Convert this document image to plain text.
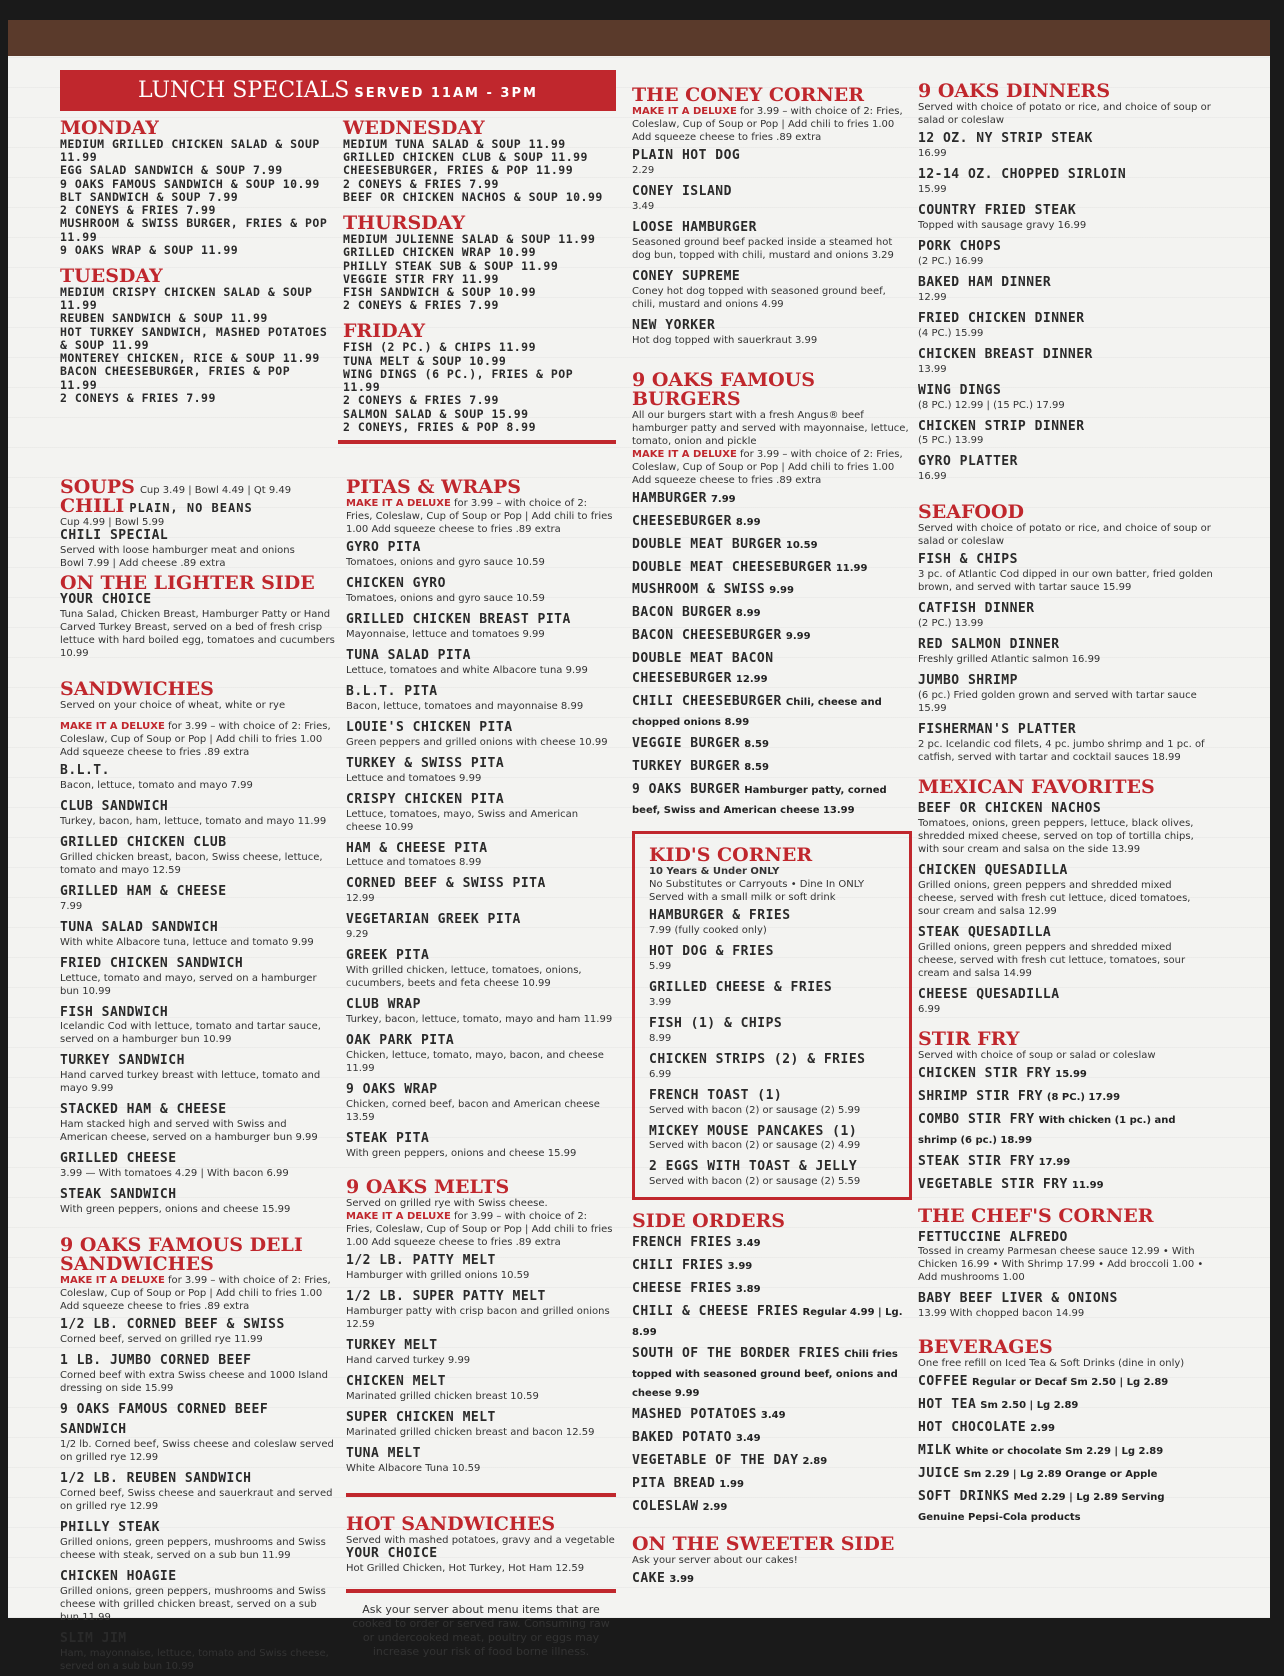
LUNCH SPECIALS SERVED 11AM - 3PM
MONDAY
MEDIUM GRILLED CHICKEN SALAD & SOUP 11.99
EGG SALAD SANDWICH & SOUP 7.99
9 OAKS FAMOUS SANDWICH & SOUP 10.99
BLT SANDWICH & SOUP 7.99
2 CONEYS & FRIES 7.99
MUSHROOM & SWISS BURGER, FRIES & POP 11.99
9 OAKS WRAP & SOUP 11.99
TUESDAY
MEDIUM CRISPY CHICKEN SALAD & SOUP 11.99
REUBEN SANDWICH & SOUP 11.99
HOT TURKEY SANDWICH, MASHED POTATOES & SOUP 11.99
MONTEREY CHICKEN, RICE & SOUP 11.99
BACON CHEESEBURGER, FRIES & POP 11.99
2 CONEYS & FRIES 7.99
WEDNESDAY
MEDIUM TUNA SALAD & SOUP 11.99
GRILLED CHICKEN CLUB & SOUP 11.99
CHEESEBURGER, FRIES & POP 11.99
2 CONEYS & FRIES 7.99
BEEF OR CHICKEN NACHOS & SOUP 10.99
THURSDAY
MEDIUM JULIENNE SALAD & SOUP 11.99
GRILLED CHICKEN WRAP 10.99
PHILLY STEAK SUB & SOUP 11.99
VEGGIE STIR FRY 11.99
FISH SANDWICH & SOUP 10.99
2 CONEYS & FRIES 7.99
FRIDAY
FISH (2 PC.) & CHIPS 11.99
TUNA MELT & SOUP 10.99
WING DINGS (6 PC.), FRIES & POP 11.99
2 CONEYS & FRIES 7.99
SALMON SALAD & SOUP 15.99
2 CONEYS, FRIES & POP 8.99
SOUPS Cup 3.49 | Bowl 4.49 | Qt 9.49
CHILI PLAIN, NO BEANS
Cup 4.99 | Bowl 5.99
CHILI SPECIAL
Served with loose hamburger meat and onions
Bowl 7.99 | Add cheese .89 extra
ON THE LIGHTER SIDE
YOUR CHOICE
Tuna Salad, Chicken Breast, Hamburger Patty or Hand Carved Turkey Breast, served on a bed of fresh crisp lettuce with hard boiled egg, tomatoes and cucumbers 10.99
SANDWICHES
Served on your choice of wheat, white or rye
MAKE IT A DELUXE for 3.99 – with choice of 2: Fries, Coleslaw, Cup of Soup or Pop | Add chili to fries 1.00 Add squeeze cheese to fries .89 extra
B.L.T.
Bacon, lettuce, tomato and mayo 7.99
CLUB SANDWICH
Turkey, bacon, ham, lettuce, tomato and mayo 11.99
GRILLED CHICKEN CLUB
Grilled chicken breast, bacon, Swiss cheese, lettuce, tomato and mayo 12.59
GRILLED HAM & CHEESE
7.99
TUNA SALAD SANDWICH
With white Albacore tuna, lettuce and tomato 9.99
FRIED CHICKEN SANDWICH
Lettuce, tomato and mayo, served on a hamburger bun 10.99
FISH SANDWICH
Icelandic Cod with lettuce, tomato and tartar sauce, served on a hamburger bun 10.99
TURKEY SANDWICH
Hand carved turkey breast with lettuce, tomato and mayo 9.99
STACKED HAM & CHEESE
Ham stacked high and served with Swiss and American cheese, served on a hamburger bun 9.99
GRILLED CHEESE
3.99 — With tomatoes 4.29 | With bacon 6.99
STEAK SANDWICH
With green peppers, onions and cheese 15.99
9 OAKS FAMOUS DELI SANDWICHES
MAKE IT A DELUXE for 3.99 – with choice of 2: Fries, Coleslaw, Cup of Soup or Pop | Add chili to fries 1.00 Add squeeze cheese to fries .89 extra
1/2 LB. CORNED BEEF & SWISS
Corned beef, served on grilled rye 11.99
1 LB. JUMBO CORNED BEEF
Corned beef with extra Swiss cheese and 1000 Island dressing on side 15.99
9 OAKS FAMOUS CORNED BEEF SANDWICH
1/2 lb. Corned beef, Swiss cheese and coleslaw served on grilled rye 12.99
1/2 LB. REUBEN SANDWICH
Corned beef, Swiss cheese and sauerkraut and served on grilled rye 12.99
PHILLY STEAK
Grilled onions, green peppers, mushrooms and Swiss cheese with steak, served on a sub bun 11.99
CHICKEN HOAGIE
Grilled onions, green peppers, mushrooms and Swiss cheese with grilled chicken breast, served on a sub bun 11.99
SLIM JIM
Ham, mayonnaise, lettuce, tomato and Swiss cheese, served on a sub bun 10.99
PITAS & WRAPS
MAKE IT A DELUXE for 3.99 – with choice of 2: Fries, Coleslaw, Cup of Soup or Pop | Add chili to fries 1.00 Add squeeze cheese to fries .89 extra
GYRO PITA
Tomatoes, onions and gyro sauce 10.59
CHICKEN GYRO
Tomatoes, onions and gyro sauce 10.59
GRILLED CHICKEN BREAST PITA
Mayonnaise, lettuce and tomatoes 9.99
TUNA SALAD PITA
Lettuce, tomatoes and white Albacore tuna 9.99
B.L.T. PITA
Bacon, lettuce, tomatoes and mayonnaise 8.99
LOUIE'S CHICKEN PITA
Green peppers and grilled onions with cheese 10.99
TURKEY & SWISS PITA
Lettuce and tomatoes 9.99
CRISPY CHICKEN PITA
Lettuce, tomatoes, mayo, Swiss and American cheese 10.99
HAM & CHEESE PITA
Lettuce and tomatoes 8.99
CORNED BEEF & SWISS PITA
12.99
VEGETARIAN GREEK PITA
9.29
GREEK PITA
With grilled chicken, lettuce, tomatoes, onions, cucumbers, beets and feta cheese 10.99
CLUB WRAP
Turkey, bacon, lettuce, tomato, mayo and ham 11.99
OAK PARK PITA
Chicken, lettuce, tomato, mayo, bacon, and cheese 11.99
9 OAKS WRAP
Chicken, corned beef, bacon and American cheese 13.59
STEAK PITA
With green peppers, onions and cheese 15.99
9 OAKS MELTS
Served on grilled rye with Swiss cheese.
MAKE IT A DELUXE for 3.99 – with choice of 2: Fries, Coleslaw, Cup of Soup or Pop | Add chili to fries 1.00 Add squeeze cheese to fries .89 extra
1/2 LB. PATTY MELT
Hamburger with grilled onions 10.59
1/2 LB. SUPER PATTY MELT
Hamburger patty with crisp bacon and grilled onions 12.59
TURKEY MELT
Hand carved turkey 9.99
CHICKEN MELT
Marinated grilled chicken breast 10.59
SUPER CHICKEN MELT
Marinated grilled chicken breast and bacon 12.59
TUNA MELT
White Albacore Tuna 10.59
HOT SANDWICHES
Served with mashed potatoes, gravy and a vegetable
YOUR CHOICE
Hot Grilled Chicken, Hot Turkey, Hot Ham 12.59
Ask your server about menu items that are cooked to order or served raw. Consuming raw or undercooked meat, poultry or eggs may increase your risk of food borne illness.
THE CONEY CORNER
MAKE IT A DELUXE for 3.99 – with choice of 2: Fries, Coleslaw, Cup of Soup or Pop | Add chili to fries 1.00 Add squeeze cheese to fries .89 extra
PLAIN HOT DOG
2.29
CONEY ISLAND
3.49
LOOSE HAMBURGER
Seasoned ground beef packed inside a steamed hot dog bun, topped with chili, mustard and onions 3.29
CONEY SUPREME
Coney hot dog topped with seasoned ground beef, chili, mustard and onions 4.99
NEW YORKER
Hot dog topped with sauerkraut 3.99
9 OAKS FAMOUS BURGERS
All our burgers start with a fresh Angus® beef hamburger patty and served with mayonnaise, lettuce, tomato, onion and pickle
MAKE IT A DELUXE for 3.99 – with choice of 2: Fries, Coleslaw, Cup of Soup or Pop | Add chili to fries 1.00 Add squeeze cheese to fries .89 extra
HAMBURGER 7.99
CHEESEBURGER 8.99
DOUBLE MEAT BURGER 10.59
DOUBLE MEAT CHEESEBURGER 11.99
MUSHROOM & SWISS 9.99
BACON BURGER 8.99
BACON CHEESEBURGER 9.99
DOUBLE MEAT BACON CHEESEBURGER 12.99
CHILI CHEESEBURGER Chili, cheese and chopped onions 8.99
VEGGIE BURGER 8.59
TURKEY BURGER 8.59
9 OAKS BURGER Hamburger patty, corned beef, Swiss and American cheese 13.99
KID'S CORNER
10 Years & Under ONLY
No Substitutes or Carryouts • Dine In ONLY
Served with a small milk or soft drink
HAMBURGER & FRIES
7.99 (fully cooked only)
HOT DOG & FRIES
5.99
GRILLED CHEESE & FRIES
3.99
FISH (1) & CHIPS
8.99
CHICKEN STRIPS (2) & FRIES
6.99
FRENCH TOAST (1)
Served with bacon (2) or sausage (2) 5.99
MICKEY MOUSE PANCAKES (1)
Served with bacon (2) or sausage (2) 4.99
2 EGGS WITH TOAST & JELLY
Served with bacon (2) or sausage (2) 5.59
SIDE ORDERS
FRENCH FRIES 3.49
CHILI FRIES 3.99
CHEESE FRIES 3.89
CHILI & CHEESE FRIES Regular 4.99 | Lg. 8.99
SOUTH OF THE BORDER FRIES Chili fries topped with seasoned ground beef, onions and cheese 9.99
MASHED POTATOES 3.49
BAKED POTATO 3.49
VEGETABLE OF THE DAY 2.89
PITA BREAD 1.99
COLESLAW 2.99
ON THE SWEETER SIDE
Ask your server about our cakes!
CAKE 3.99
9 OAKS DINNERS
Served with choice of potato or rice, and choice of soup or salad or coleslaw
12 OZ. NY STRIP STEAK
16.99
12-14 OZ. CHOPPED SIRLOIN
15.99
COUNTRY FRIED STEAK
Topped with sausage gravy 16.99
PORK CHOPS
(2 PC.) 16.99
BAKED HAM DINNER
12.99
FRIED CHICKEN DINNER
(4 PC.) 15.99
CHICKEN BREAST DINNER
13.99
WING DINGS
(8 PC.) 12.99 | (15 PC.) 17.99
CHICKEN STRIP DINNER
(5 PC.) 13.99
GYRO PLATTER
16.99
SEAFOOD
Served with choice of potato or rice, and choice of soup or salad or coleslaw
FISH & CHIPS
3 pc. of Atlantic Cod dipped in our own batter, fried golden brown, and served with tartar sauce 15.99
CATFISH DINNER
(2 PC.) 13.99
RED SALMON DINNER
Freshly grilled Atlantic salmon 16.99
JUMBO SHRIMP
(6 pc.) Fried golden grown and served with tartar sauce 15.99
FISHERMAN'S PLATTER
2 pc. Icelandic cod filets, 4 pc. jumbo shrimp and 1 pc. of catfish, served with tartar and cocktail sauces 18.99
MEXICAN FAVORITES
BEEF OR CHICKEN NACHOS
Tomatoes, onions, green peppers, lettuce, black olives, shredded mixed cheese, served on top of tortilla chips, with sour cream and salsa on the side 13.99
CHICKEN QUESADILLA
Grilled onions, green peppers and shredded mixed cheese, served with fresh cut lettuce, diced tomatoes, sour cream and salsa 12.99
STEAK QUESADILLA
Grilled onions, green peppers and shredded mixed cheese, served with fresh cut lettuce, tomatoes, sour cream and salsa 14.99
CHEESE QUESADILLA
6.99
STIR FRY
Served with choice of soup or salad or coleslaw
CHICKEN STIR FRY 15.99
SHRIMP STIR FRY (8 PC.) 17.99
COMBO STIR FRY With chicken (1 pc.) and shrimp (6 pc.) 18.99
STEAK STIR FRY 17.99
VEGETABLE STIR FRY 11.99
THE CHEF'S CORNER
FETTUCCINE ALFREDO
Tossed in creamy Parmesan cheese sauce 12.99 • With Chicken 16.99 • With Shrimp 17.99 • Add broccoli 1.00 • Add mushrooms 1.00
BABY BEEF LIVER & ONIONS
13.99 With chopped bacon 14.99
BEVERAGES
One free refill on Iced Tea & Soft Drinks (dine in only)
COFFEE Regular or Decaf Sm 2.50 | Lg 2.89
HOT TEA Sm 2.50 | Lg 2.89
HOT CHOCOLATE 2.99
MILK White or chocolate Sm 2.29 | Lg 2.89
JUICE Sm 2.29 | Lg 2.89 Orange or Apple
SOFT DRINKS Med 2.29 | Lg 2.89 Serving Genuine Pepsi-Cola products
